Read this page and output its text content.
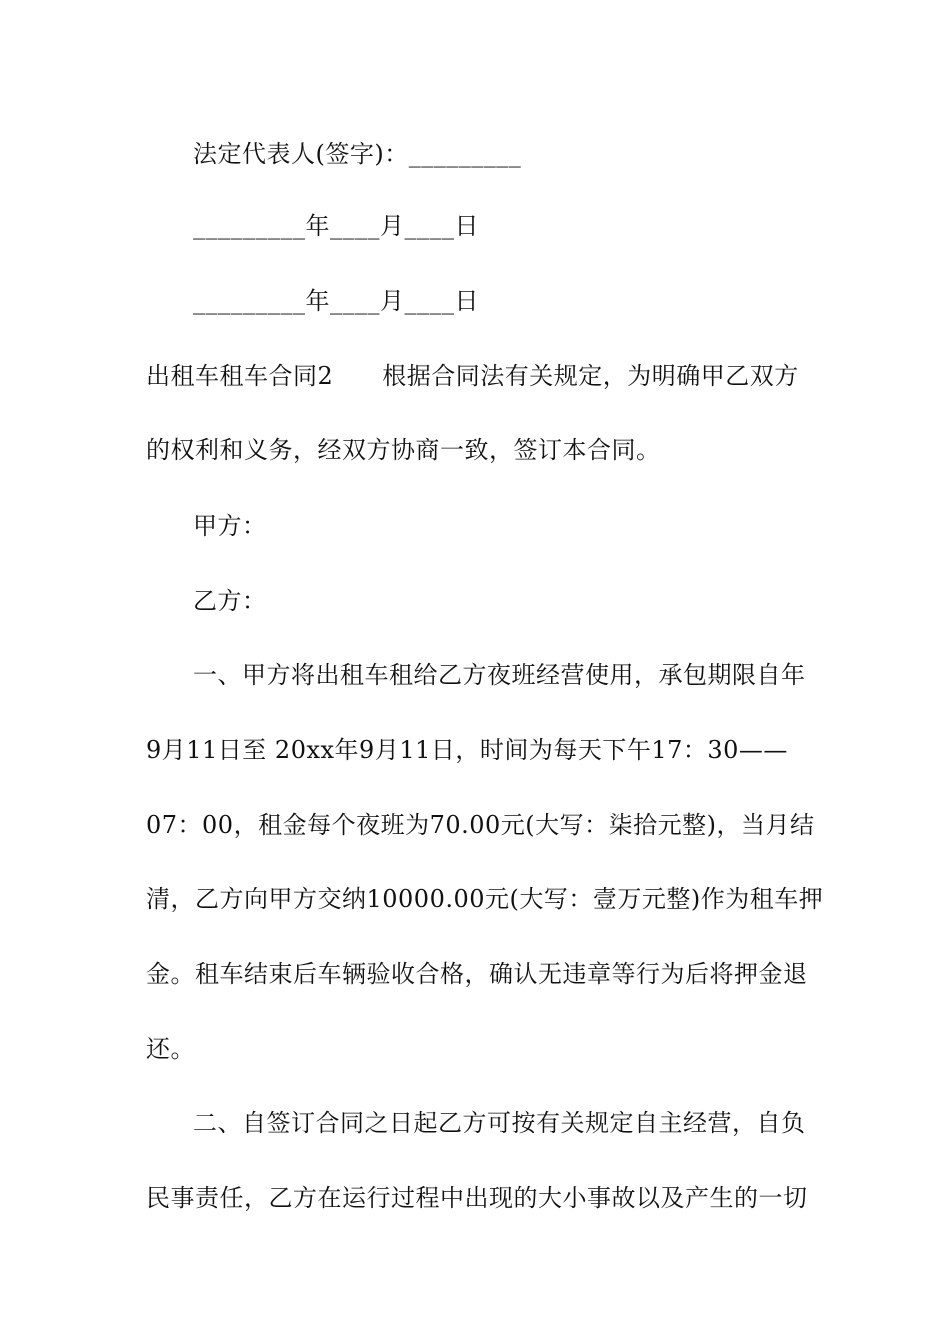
法定代表人(签字)：_________
_________年____月____日
_________年____月____日
出租车租车合同2　　根据合同法有关规定，为明确甲乙双方
的权利和义务，经双方协商一致，签订本合同。
甲方：
乙方：
一、甲方将出租车租给乙方夜班经营使用，承包期限自年
9月11日至 20xx年9月11日，时间为每天下午17：30——
07：00，租金每个夜班为70.00元(大写：柒拾元整)，当月结
清，乙方向甲方交纳10000.00元(大写：壹万元整)作为租车押
金。租车结束后车辆验收合格，确认无违章等行为后将押金退
还。
二、自签订合同之日起乙方可按有关规定自主经营，自负
民事责任，乙方在运行过程中出现的大小事故以及产生的一切
